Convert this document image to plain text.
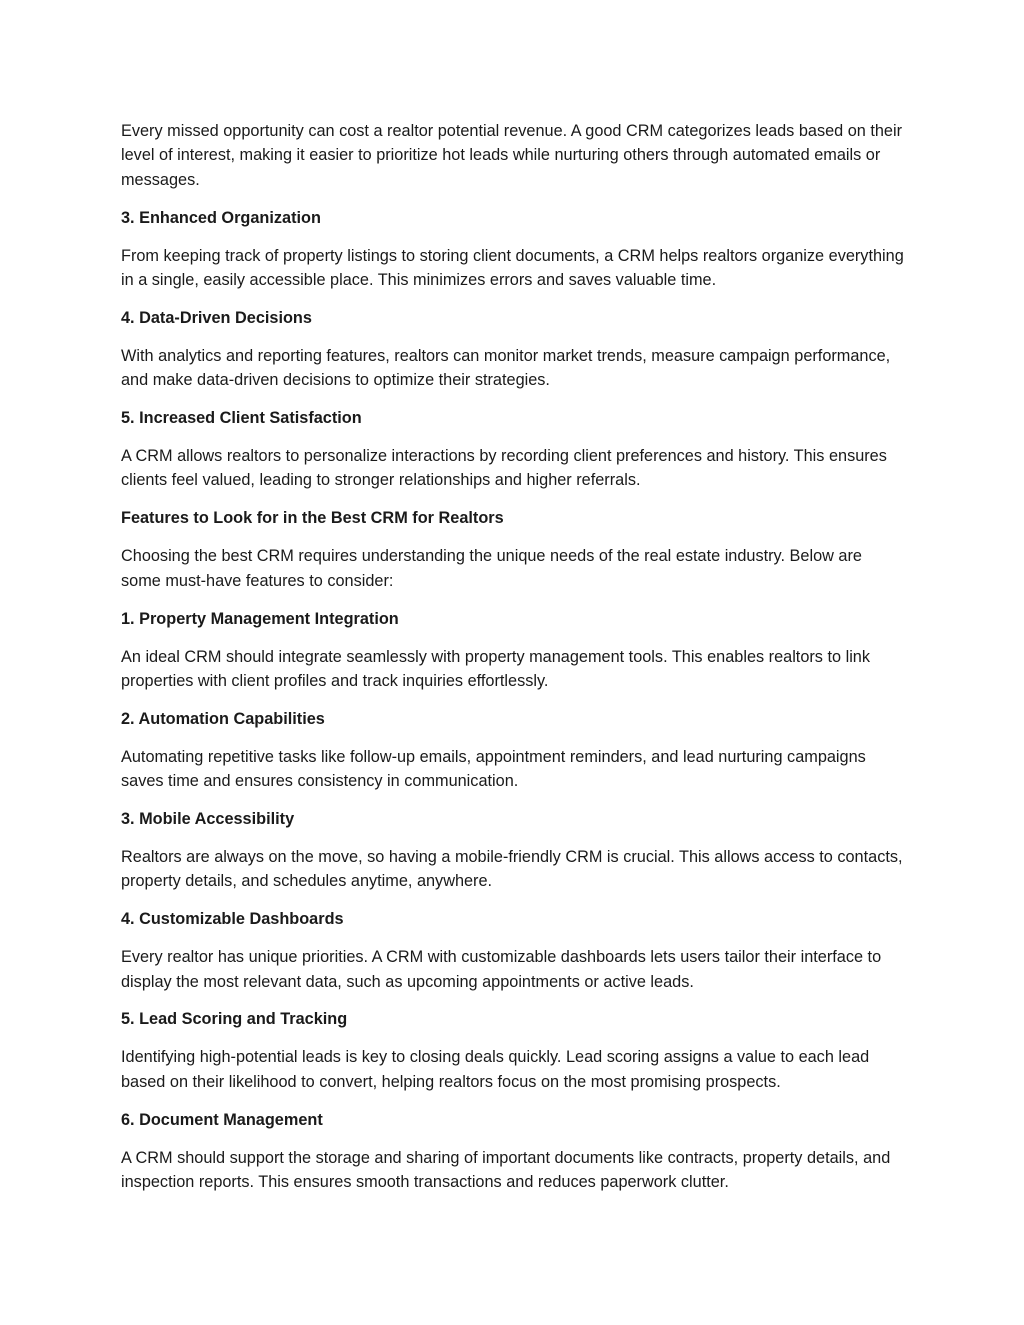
Every missed opportunity can cost a realtor potential revenue. A good CRM categorizes leads based on their level of interest, making it easier to prioritize hot leads while nurturing others through automated emails or messages.

3. Enhanced Organization

From keeping track of property listings to storing client documents, a CRM helps realtors organize everything in a single, easily accessible place. This minimizes errors and saves valuable time.

4. Data-Driven Decisions

With analytics and reporting features, realtors can monitor market trends, measure campaign performance, and make data-driven decisions to optimize their strategies.

5. Increased Client Satisfaction

A CRM allows realtors to personalize interactions by recording client preferences and history. This ensures clients feel valued, leading to stronger relationships and higher referrals.

Features to Look for in the Best CRM for Realtors

Choosing the best CRM requires understanding the unique needs of the real estate industry. Below are some must-have features to consider:

1. Property Management Integration

An ideal CRM should integrate seamlessly with property management tools. This enables realtors to link properties with client profiles and track inquiries effortlessly.

2. Automation Capabilities

Automating repetitive tasks like follow-up emails, appointment reminders, and lead nurturing campaigns saves time and ensures consistency in communication.

3. Mobile Accessibility

Realtors are always on the move, so having a mobile-friendly CRM is crucial. This allows access to contacts, property details, and schedules anytime, anywhere.

4. Customizable Dashboards

Every realtor has unique priorities. A CRM with customizable dashboards lets users tailor their interface to display the most relevant data, such as upcoming appointments or active leads.

5. Lead Scoring and Tracking

Identifying high-potential leads is key to closing deals quickly. Lead scoring assigns a value to each lead based on their likelihood to convert, helping realtors focus on the most promising prospects.

6. Document Management

A CRM should support the storage and sharing of important documents like contracts, property details, and inspection reports. This ensures smooth transactions and reduces paperwork clutter.
